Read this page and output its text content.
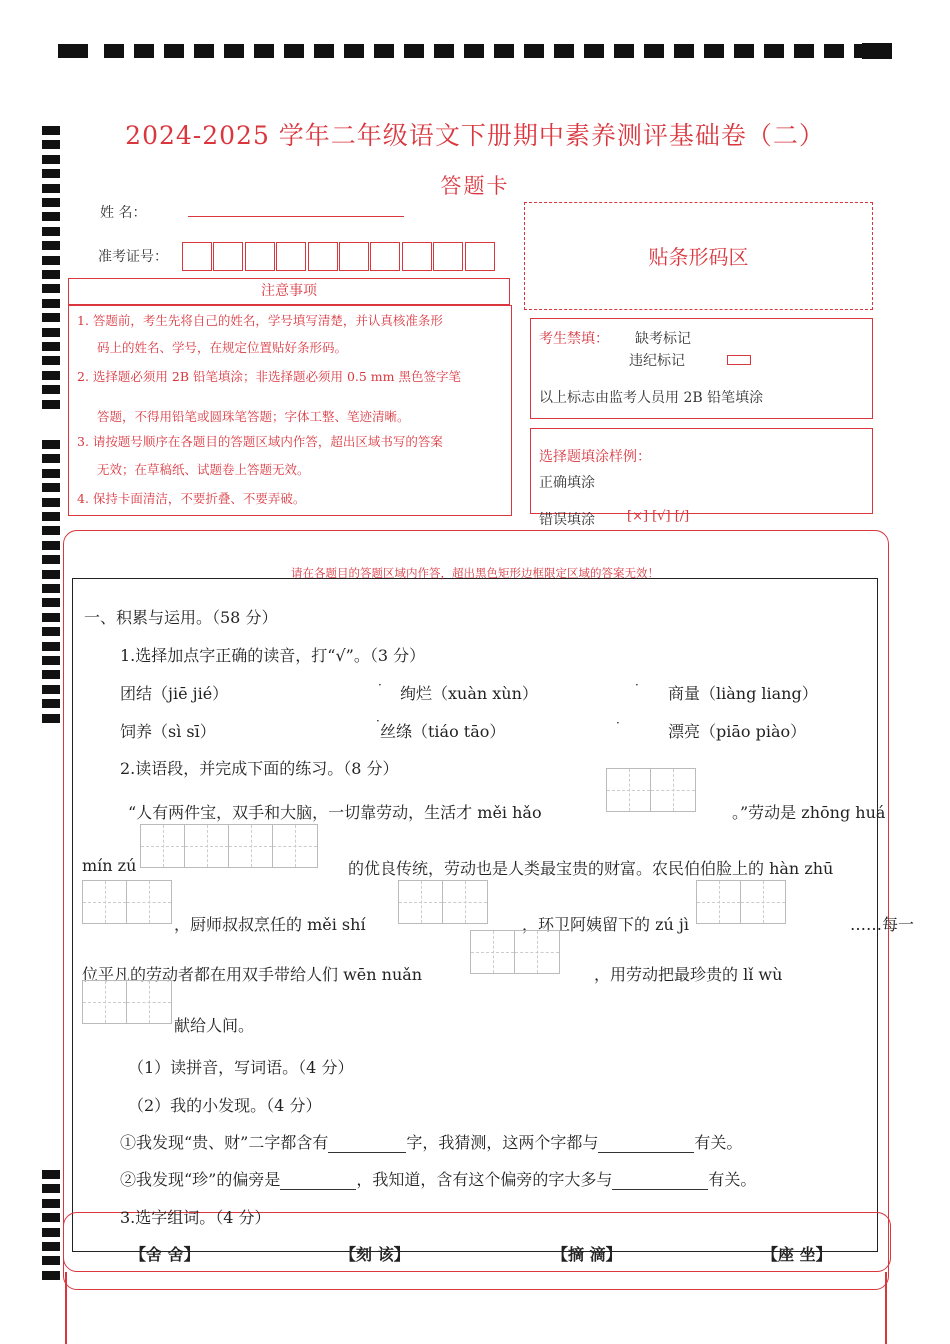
2024-2025 学年二年级语文下册期中素养测评基础卷（二）
答题卡
姓 名：
准考证号：	贴条形码区
注意事项
1. 答题前，考生先将自己的姓名，学号填写清楚，并认真核准条形
码上的姓名、学号，在规定位置贴好条形码。
2. 选择题必须用 2B 铅笔填涂；非选择题必须用 0.5 mm 黑色签字笔
答题，不得用铅笔或圆珠笔答题；字体工整、笔迹清晰。
3. 请按题号顺序在各题目的答题区域内作答，超出区域书写的答案
无效；在草稿纸、试题卷上答题无效。
4. 保持卡面清洁，不要折叠、不要弄破。
考生禁填： 缺考标记
违纪标记
以上标志由监考人员用 2B 铅笔填涂
选择题填涂样例：
正确填涂
错误填涂 [×] [√] [/]
请在各题目的答题区域内作答，超出黑色矩形边框限定区域的答案无效！
一、积累与运用。（58 分）
1.选择加点字正确的读音，打“√”。（3 分）
团结（jiē jié）	绚烂（xuàn xùn）	商量（liàng liang）
·	·
饲养（sì sī）	丝绦（tiáo tāo）	漂亮（piāo piào）
·	·
2.读语段，并完成下面的练习。（8 分）
“人有两件宝，双手和大脑，一切靠劳动，生活才 měi hǎo	。”劳动是 zhōng huá
mín zú	的优良传统，劳动也是人类最宝贵的财富。农民伯伯脸上的 hàn zhū
，厨师叔叔烹任的 měi shí	，环卫阿姨留下的 zú jì	……每一
位平凡的劳动者都在用双手带给人们 wēn nuǎn	，用劳动把最珍贵的 lǐ wù
献给人间。
（1）读拼音，写词语。（4 分）
（2）我的小发现。（4 分）
①我发现“贵、财”二字都含有	字，我猜测，这两个字都与	有关。
②我发现“珍”的偏旁是	，我知道，含有这个偏旁的字大多与	有关。
3.选字组词。（4 分）
【舍 舍】	【刻 该】	【摘 滴】	【座 坐】
